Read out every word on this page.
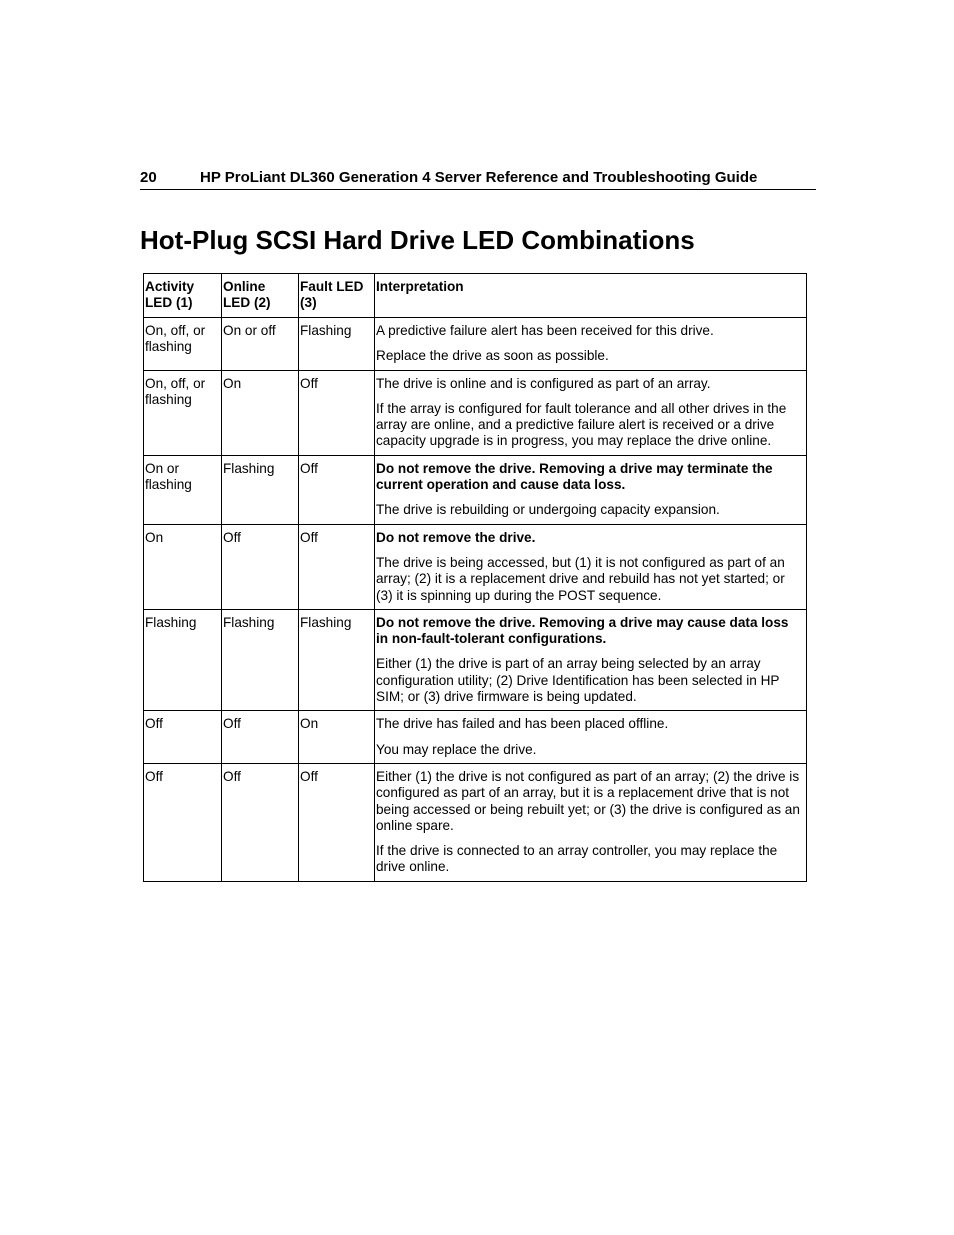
20	HP ProLiant DL360 Generation 4 Server Reference and Troubleshooting Guide
Hot-Plug SCSI Hard Drive LED Combinations
Activity LED (1)	Online LED (2)	Fault LED (3)	Interpretation
On, off, or flashing	On or off	Flashing	A predictive failure alert has been received for this drive.

Replace the drive as soon as possible.

On, off, or flashing	On	Off	The drive is online and is configured as part of an array.

If the array is configured for fault tolerance and all other drives in the array are online, and a predictive failure alert is received or a drive capacity upgrade is in progress, you may replace the drive online.

On or flashing	Flashing	Off	Do not remove the drive. Removing a drive may terminate the current operation and cause data loss.

The drive is rebuilding or undergoing capacity expansion.

On	Off	Off	Do not remove the drive.

The drive is being accessed, but (1) it is not configured as part of an array; (2) it is a replacement drive and rebuild has not yet started; or (3) it is spinning up during the POST sequence.

Flashing	Flashing	Flashing	Do not remove the drive. Removing a drive may cause data loss in non-fault-tolerant configurations.

Either (1) the drive is part of an array being selected by an array configuration utility; (2) Drive Identification has been selected in HP SIM; or (3) drive firmware is being updated.

Off	Off	On	The drive has failed and has been placed offline.

You may replace the drive.

Off	Off	Off	Either (1) the drive is not configured as part of an array; (2) the drive is configured as part of an array, but it is a replacement drive that is not being accessed or being rebuilt yet; or (3) the drive is configured as an online spare.

If the drive is connected to an array controller, you may replace the drive online.
